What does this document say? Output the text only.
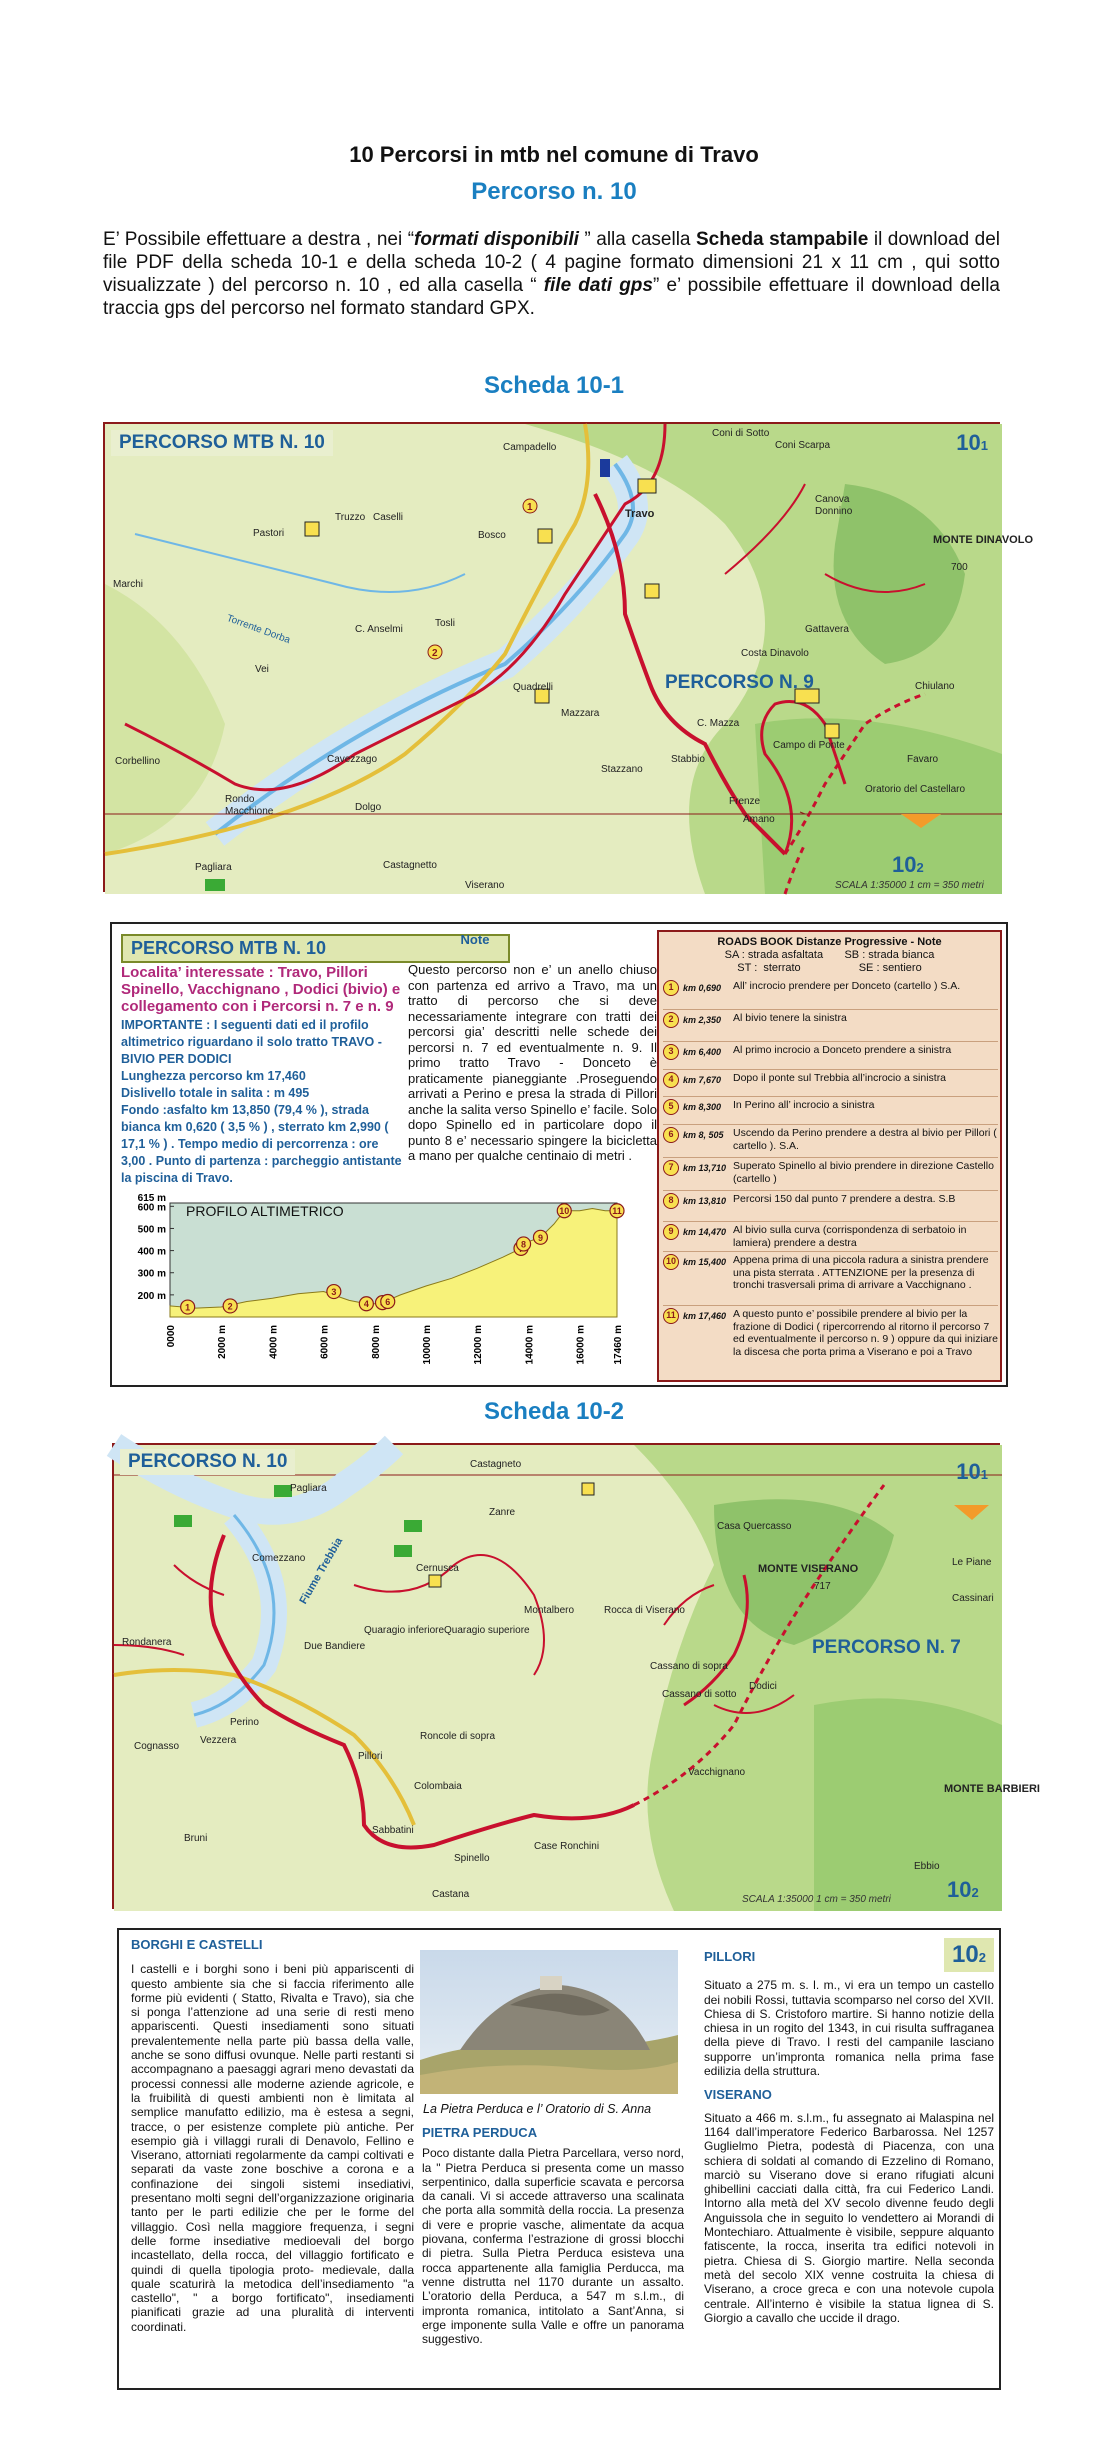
10 Percorsi in mtb nel comune di Travo
Percorso n. 10
E’ Possibile effettuare a destra , nei “formati disponibili ” alla casella Scheda stampabile il download del file PDF della scheda 10-1 e della scheda 10-2 ( 4 pagine formato dimensioni 21 x 11 cm , qui sotto visualizzate ) del percorso n. 10 , ed alla casella “ file dati gps” e’ possibile effettuare il download della traccia gps del percorso nel formato standard GPX.
Scheda 10-1
1
2
PERCORSO MTB N. 10	101
102
PERCORSO N. 9
SCALA 1:35000 1 cm = 350 metri
Coni di Sotto
Coni Scarpa
Campadello
Travo
Canova
Donnino
Truzzo Caselli
Pastori	Bosco	MONTE DINAVOLO
700
Marchi
C. Anselmi
Tosli
Gattavera
Costa Dinavolo
Vei
Chiulano
Quadrelli
Mazzara
C. Mazza
Campo di Ponte
Corbellino	Cavezzago	Stabbio	Favaro
Rondo
Macchione	Dolgo
Stazzano
Oratorio del Castellaro
Frenze
Amano
Pagliara	Castagnetto
Viserano
Torrente Dorba
PERCORSO MTB N. 10
Localita’ interessate : Travo, Pillori Spinello, Vacchignano , Dodici (bivio) e collegamento con i Percorsi n. 7 e n. 9
IMPORTANTE : I seguenti dati ed il profilo altimetrico riguardano il solo tratto TRAVO - BIVIO PER DODICI
Lunghezza percorso km 17,460
Dislivello totale in salita : m 495
Fondo :asfalto km 13,850 (79,4 % ), strada bianca km 0,620 ( 3,5 % ) , sterrato km 2,990 ( 17,1 % ) . Tempo medio di percorrenza : ore 3,00 . Punto di partenza : parcheggio antistante la piscina di Travo.
Note
Questo percorso non e’ un anello chiuso con partenza ed arrivo a Travo, ma un tratto di percorso che si deve necessariamente integrare con tratti dei percorsi gia’ descritti nelle schede dei percorsi n. 7 ed eventualmente n. 9. Il primo tratto Travo - Donceto è praticamente pianeggiante .Proseguendo arrivati a Perino e presa la strada di Pillori anche la salita verso Spinello e’ facile. Solo dopo Spinello ed in particolare dopo il punto 8 e’ necessario spingere la bicicletta a mano per qualche centinaio di metri .
200 m
300 m
400 m
500 m
600 m
615 m
0000	2000 m	4000 m	6000 m	8000 m	10000 m	12000 m	14000 m	16000 m	17460 m
PROFILO ALTIMETRICO
1	2
3
4 6
8
9
10	11
ROADS BOOK Distanze Progressive - Note
SA : strada asfaltata       SB : strada bianca
ST :  sterrato                   SE : sentiero
1	km 0,690	All’ incrocio prendere per Donceto (cartello ) S.A.
2	km 2,350	Al bivio tenere la sinistra
3	km 6,400	Al primo incrocio a Donceto prendere a sinistra
4	km 7,670	Dopo il ponte sul Trebbia all’incrocio a sinistra
5	km 8,300	In Perino all’ incrocio a sinistra
6	km 8, 505 Uscendo da Perino prendere a destra al bivio per Pillori ( cartello ). S.A.
7	km 13,710 Superato Spinello al bivio prendere in direzione Castello (cartello )
8	km 13,810 Percorsi 150 dal punto 7 prendere a destra. S.B
9	km 14,470 Al bivio sulla curva (corrispondenza di serbatoio in lamiera) prendere a destra
10 km 15,400 Appena prima di una piccola radura a sinistra prendere una pista sterrata . ATTENZIONE per la presenza di tronchi trasversali prima di arrivare a Vacchignano .
11 km 17,460 A questo punto e’ possibile prendere al bivio per la frazione di Dodici ( ripercorrendo al ritorno il percorso 7 ed eventualmente il percorso n. 9 ) oppure da qui iniziare la discesa che porta prima a Viserano e poi a Travo
Scheda 10-2
PERCORSO N. 10	101
102
PERCORSO N. 7
SCALA 1:35000 1 cm = 350 metri
Castagneto
Pagliara
Zanre
Casa Quercasso
MONTE VISERANO
717
Le Piane
Cassinari
Comezzano
Fiume Trebbia	Cernusca
Montalbero	Rocca di Viserano
Rondanera	Due Bandiere
Quaragio inferiore Quaragio superiore
Cassano di sopra
Cassano di sotto
Dodici
Perino
Roncole di sopra
Vezzera
Pillori
Vacchignano
MONTE BARBIERI
Cognasso
Sabbatini
Colombaia
Spinello
Case Ronchini
Ebbio
Bruni
Castana
BORGHI E CASTELLI
I castelli e i borghi sono i beni più appariscenti di questo ambiente sia che si faccia riferimento alle forme più evidenti ( Statto, Rivalta e Travo), sia che si ponga l’attenzione ad una serie di resti meno appariscenti. Questi insediamenti sono situati prevalentemente nella parte più bassa della valle, anche se sono diffusi ovunque. Nelle parti restanti si accompagnano a paesaggi agrari meno devastati da processi connessi alle moderne aziende agricole, e la fruibilità di questi ambienti non è limitata al semplice manufatto edilizio, ma è estesa a segni, tracce, o per esistenze complete più antiche. Per esempio già i villaggi rurali di Denavolo, Fellino e Viserano, attorniati regolarmente da campi coltivati e separati da vaste zone boschive a corona e a confinazione dei singoli sistemi insediativi, presentano molti segni dell’organizzazione originaria tanto per le parti edilizie che per le forme del villaggio. Così nella maggiore frequenza, i segni delle forme insediative medioevali del borgo incastellato, della rocca, del villaggio fortificato e quindi di quella tipologia proto- medievale, dalla quale scaturirà la metodica dell’insediamento "a castello", " a borgo fortificato", insediamenti pianificati grazie ad una pluralità di interventi coordinati.
La Pietra Perduca e l’ Oratorio di S. Anna
PIETRA PERDUCA
Poco distante dalla Pietra Parcellara, verso nord, la " Pietra Perduca si presenta come un masso serpentinico, dalla superficie scavata e percorsa da canali. Vi si accede attraverso una scalinata che porta alla sommità della roccia. La presenza di vere e proprie vasche, alimentate da acqua piovana, conferma l’estrazione di grossi blocchi di pietra. Sulla Pietra Perduca esisteva una rocca appartenente alla famiglia Perducca, ma venne distrutta nel 1170 durante un assalto. L’oratorio della Perduca, a 547 m s.l.m., di impronta romanica, intitolato a Sant’Anna, si erge imponente sulla Valle e offre un panorama suggestivo.
PILLORI
Situato a 275 m. s. l. m., vi era un tempo un castello dei nobili Rossi, tuttavia scomparso nel corso del XVII. Chiesa di S. Cristoforo martire. Si hanno notizie della chiesa in un rogito del 1343, in cui risulta suffraganea della pieve di Travo. I resti del campanile lasciano supporre un’impronta romanica nella prima fase edilizia della struttura.
VISERANO
Situato a 466 m. s.l.m., fu assegnato ai Malaspina nel 1164 dall’imperatore Federico Barbarossa. Nel 1257 Guglielmo Pietra, podestà di Piacenza, con una schiera di soldati al comando di Ezzelino di Romano, marciò su Viserano dove si erano rifugiati alcuni ghibellini cacciati dalla città, fra cui Federico Landi. Intorno alla metà del XV secolo divenne feudo degli Anguissola che in seguito lo vendettero ai Morandi di Montechiaro. Attualmente è visibile, seppure alquanto fatiscente, la rocca, inserita tra edifici notevoli in pietra. Chiesa di S. Giorgio martire. Nella seconda metà del secolo XIX venne costruita la chiesa di Viserano, a croce greca e con una notevole cupola centrale. All’interno è visibile la statua lignea di S. Giorgio a cavallo che uccide il drago.
102
